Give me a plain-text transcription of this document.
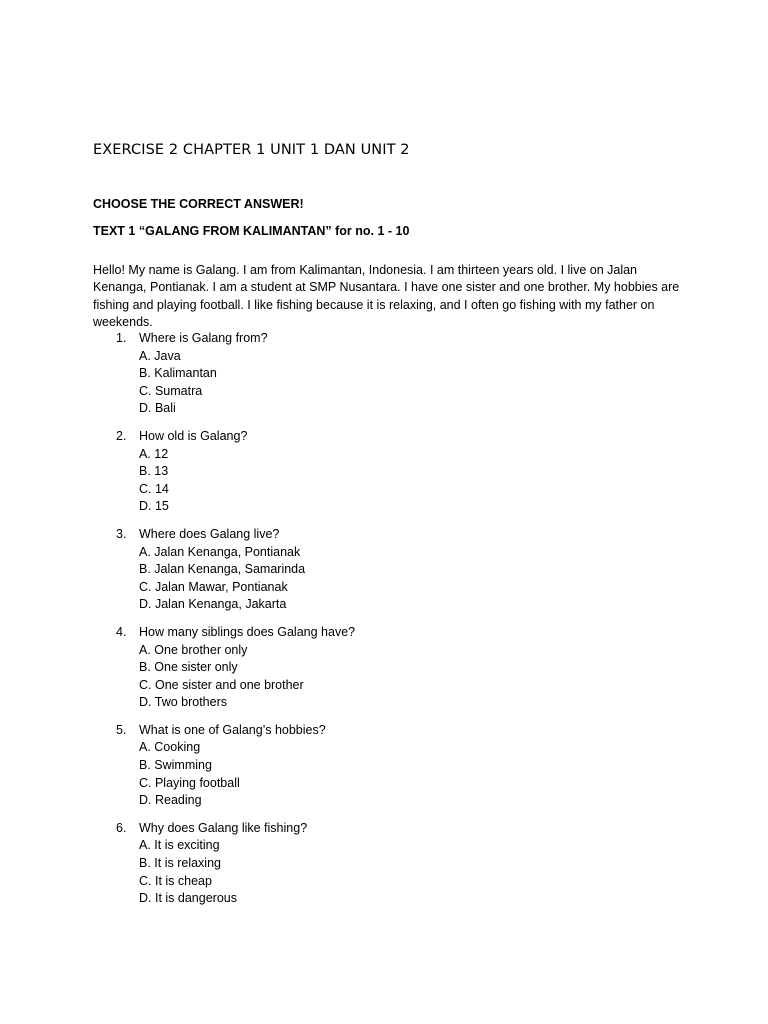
EXERCISE 2 CHAPTER 1 UNIT 1 DAN UNIT 2
CHOOSE THE CORRECT ANSWER!
TEXT 1 “GALANG FROM KALIMANTAN” for no. 1 - 10

Hello! My name is Galang. I am from Kalimantan, Indonesia. I am thirteen years old. I live on Jalan Kenanga, Pontianak. I am a student at SMP Nusantara. I have one sister and one brother. My hobbies are fishing and playing football. I like fishing because it is relaxing, and I often go fishing with my father on weekends.

1. Where is Galang from?
A. Java
B. Kalimantan
C. Sumatra
D. Bali
2. How old is Galang?
A. 12
B. 13
C. 14
D. 15
3. Where does Galang live?
A. Jalan Kenanga, Pontianak
B. Jalan Kenanga, Samarinda
C. Jalan Mawar, Pontianak
D. Jalan Kenanga, Jakarta
4. How many siblings does Galang have?
A. One brother only
B. One sister only
C. One sister and one brother
D. Two brothers
5. What is one of Galang’s hobbies?
A. Cooking
B. Swimming
C. Playing football
D. Reading
6. Why does Galang like fishing?
A. It is exciting
B. It is relaxing
C. It is cheap
D. It is dangerous
